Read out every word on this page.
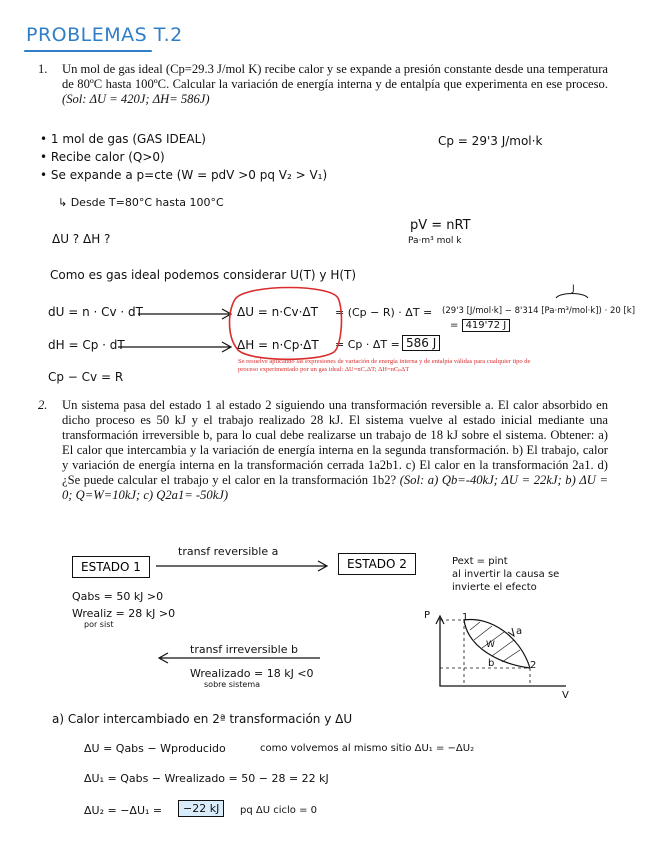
PROBLEMAS T.2
1. Un mol de gas ideal (Cp=29.3 J/mol K) recibe calor y se expande a presión constante desde una temperatura de 80ºC hasta 100ºC. Calcular la variación de energía interna y de entalpía que experimenta en ese proceso. (Sol: ΔU = 420J; ΔH= 586J)
• 1 mol de gas (GAS IDEAL)
• Recibe calor (Q>0)
• Se expande a p=cte (W = pdV >0 pq V₂ > V₁)
↳ Desde T=80°C hasta 100°C
Cp = 29'3 J/mol·k
ΔU ? ΔH ?
pV = nRT
Pa·m³ mol k
Como es gas ideal podemos considerar U(T) y H(T)
dU = n · Cv · dT
dH = Cp · dT
Cp − Cv = R
ΔU = n·Cv·ΔT
ΔH = n·Cp·ΔT
= (Cp − R) · ΔT = (29'3 [J/mol·k] − 8'314 [Pa·m³/mol·k]) · 20 [k]
J
= 419'72 J
= Cp · ΔT = 586 J
Se resuelve aplicando las expresiones de variación de energía interna y de entalpía válidas para cualquier tipo de proceso experimentado por un gas ideal: ΔU=nCᵥΔT; ΔH=nCₚΔT
2. Un sistema pasa del estado 1 al estado 2 siguiendo una transformación reversible a. El calor absorbido en dicho proceso es 50 kJ y el trabajo realizado 28 kJ. El sistema vuelve al estado inicial mediante una transformación irreversible b, para lo cual debe realizarse un trabajo de 18 kJ sobre el sistema. Obtener: a) El calor que intercambia y la variación de energía interna en la segunda transformación. b) El trabajo, calor y variación de energía interna en la transformación cerrada 1a2b1. c) El calor en la transformación 2a1. d) ¿Se puede calcular el trabajo y el calor en la transformación 1b2? (Sol: a) Qb=-40kJ; ΔU = 22kJ; b) ΔU = 0; Q=W=10kJ; c) Q2a1= -50kJ)
ESTADO 1	ESTADO 2
transf reversible a
Qabs = 50 kJ >0
Wrealiz = 28 kJ >0
por sist
transf irreversible b
Wrealizado = 18 kJ <0
sobre sistema
Pext = pint
al invertir la causa se
invierte el efecto
P
V
1
2
a
b
W
a) Calor intercambiado en 2ª transformación y ΔU
ΔU = Qabs − Wproducido	como volvemos al mismo sitio ΔU₁ = −ΔU₂
ΔU₁ = Qabs − Wrealizado = 50 − 28 = 22 kJ
ΔU₂ = −ΔU₁ =	−22 kJ	pq ΔU ciclo = 0
